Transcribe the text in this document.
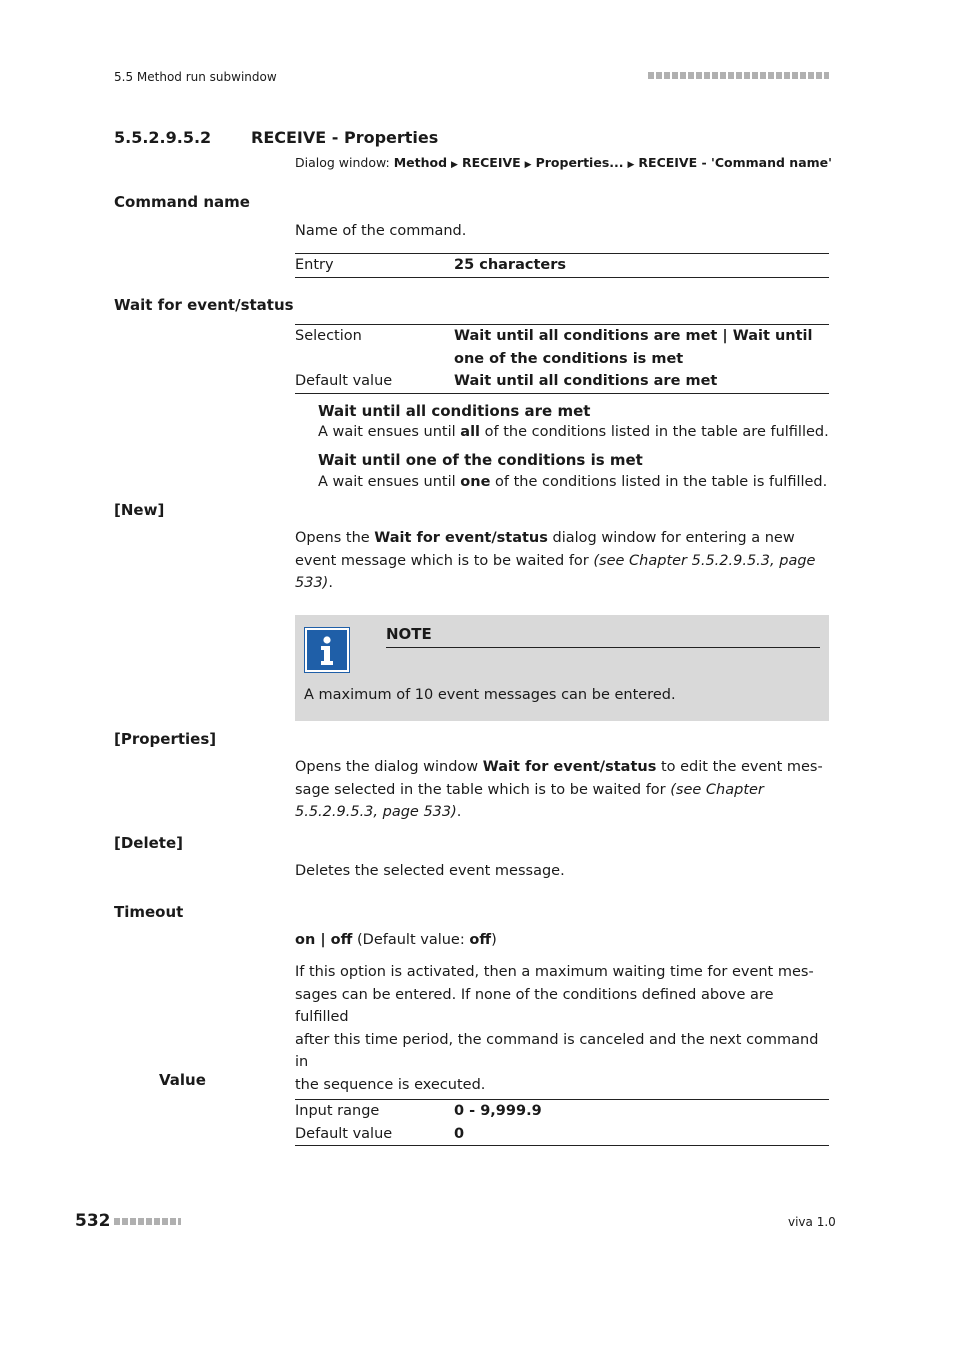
5.5 Method run subwindow
5.5.2.9.5.2 RECEIVE - Properties
Dialog window: Method ▶ RECEIVE ▶ Properties... ▶ RECEIVE - 'Command name'
Command name
Name of the command.
Entry	25 characters
Wait for event/status
Selection	Wait until all conditions are met | Wait until
one of the conditions is met
Default value	Wait until all conditions are met
Wait until all conditions are met
A wait ensues until all of the conditions listed in the table are fulfilled.
Wait until one of the conditions is met
A wait ensues until one of the conditions listed in the table is fulfilled.
[New]
Opens the Wait for event/status dialog window for entering a new
event message which is to be waited for (see Chapter 5.5.2.9.5.3, page
533).
NOTE
A maximum of 10 event messages can be entered.
[Properties]
Opens the dialog window Wait for event/status to edit the event mes-
sage selected in the table which is to be waited for (see Chapter
5.5.2.9.5.3, page 533).
[Delete]
Deletes the selected event message.
Timeout
on | off (Default value: off)
If this option is activated, then a maximum waiting time for event mes-
sages can be entered. If none of the conditions defined above are fulfilled
after this time period, the command is canceled and the next command in
the sequence is executed.
Value
Input range	0 - 9,999.9
Default value	0
532	viva 1.0
